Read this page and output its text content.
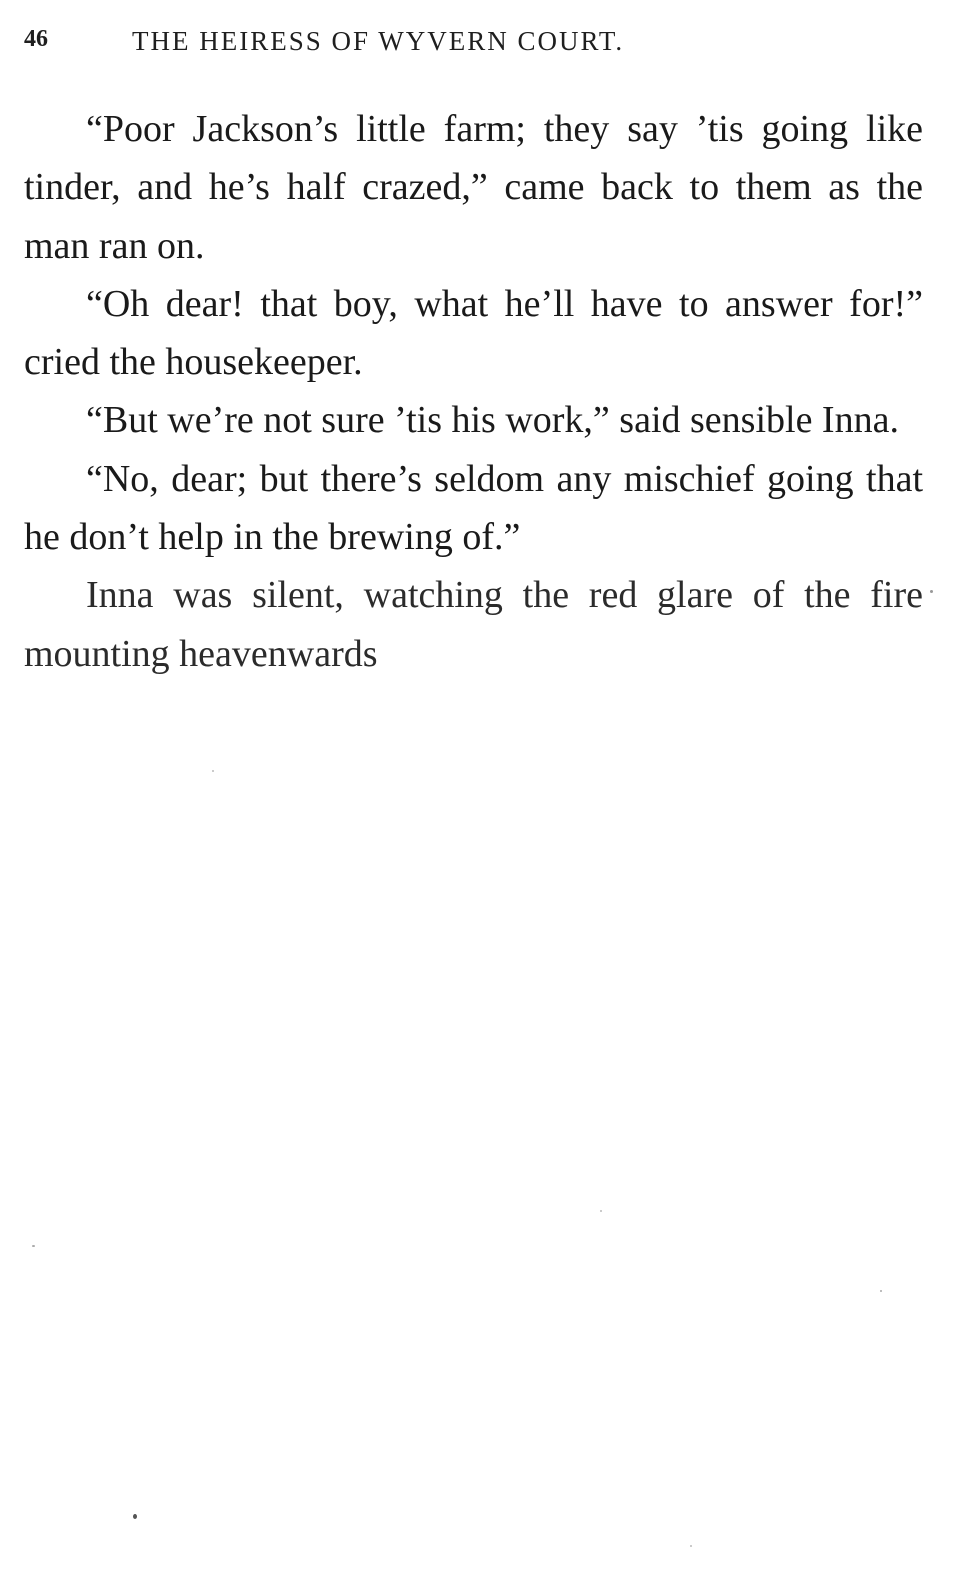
46	THE HEIRESS OF WYVERN COURT.

“Poor Jackson’s little farm; they say ’tis going like tinder, and he’s half crazed,” came back to them as the man ran on.

“Oh dear! that boy, what he’ll have to answer for!” cried the housekeeper.

“But we’re not sure ’tis his work,” said sensible Inna.

“No, dear; but there’s seldom any mischief going that he don’t help in the brewing of.”

Inna was silent, watching the red glare of the fire mounting heavenwards
